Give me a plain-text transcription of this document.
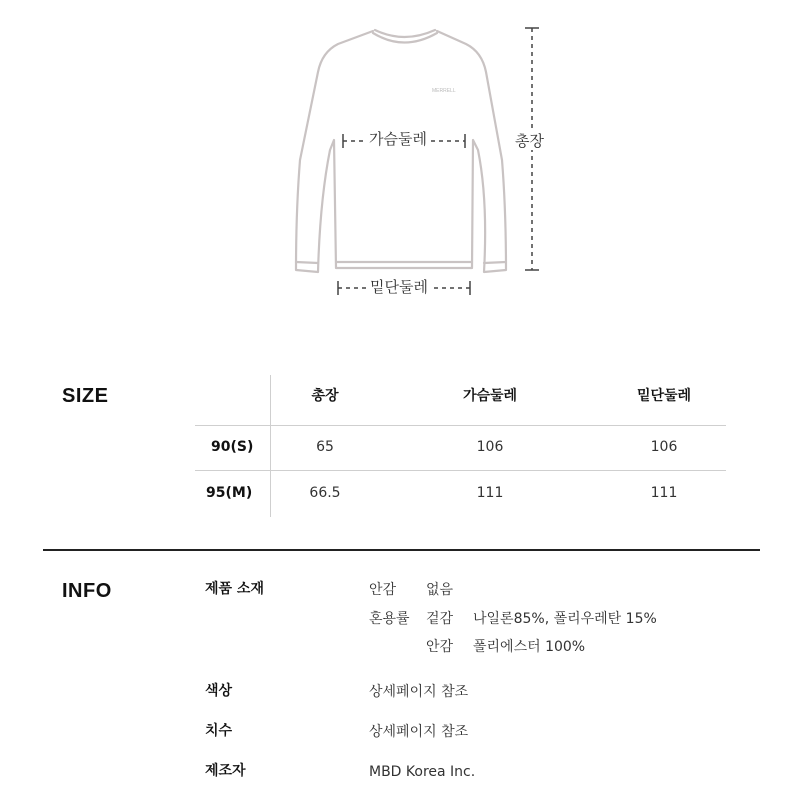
MERRELL
가슴둘레	총장
밑단둘레
SIZE	총장	가슴둘레	밑단둘레
90(S)	65	106	106
95(M)	66.5	111	111
INFO	제품 소재	안감 없음
혼용률 겉감 나일론85%, 폴리우레탄 15%
안감 폴리에스터 100%
색상	상세페이지 참조
치수	상세페이지 참조
제조자	MBD Korea Inc.
